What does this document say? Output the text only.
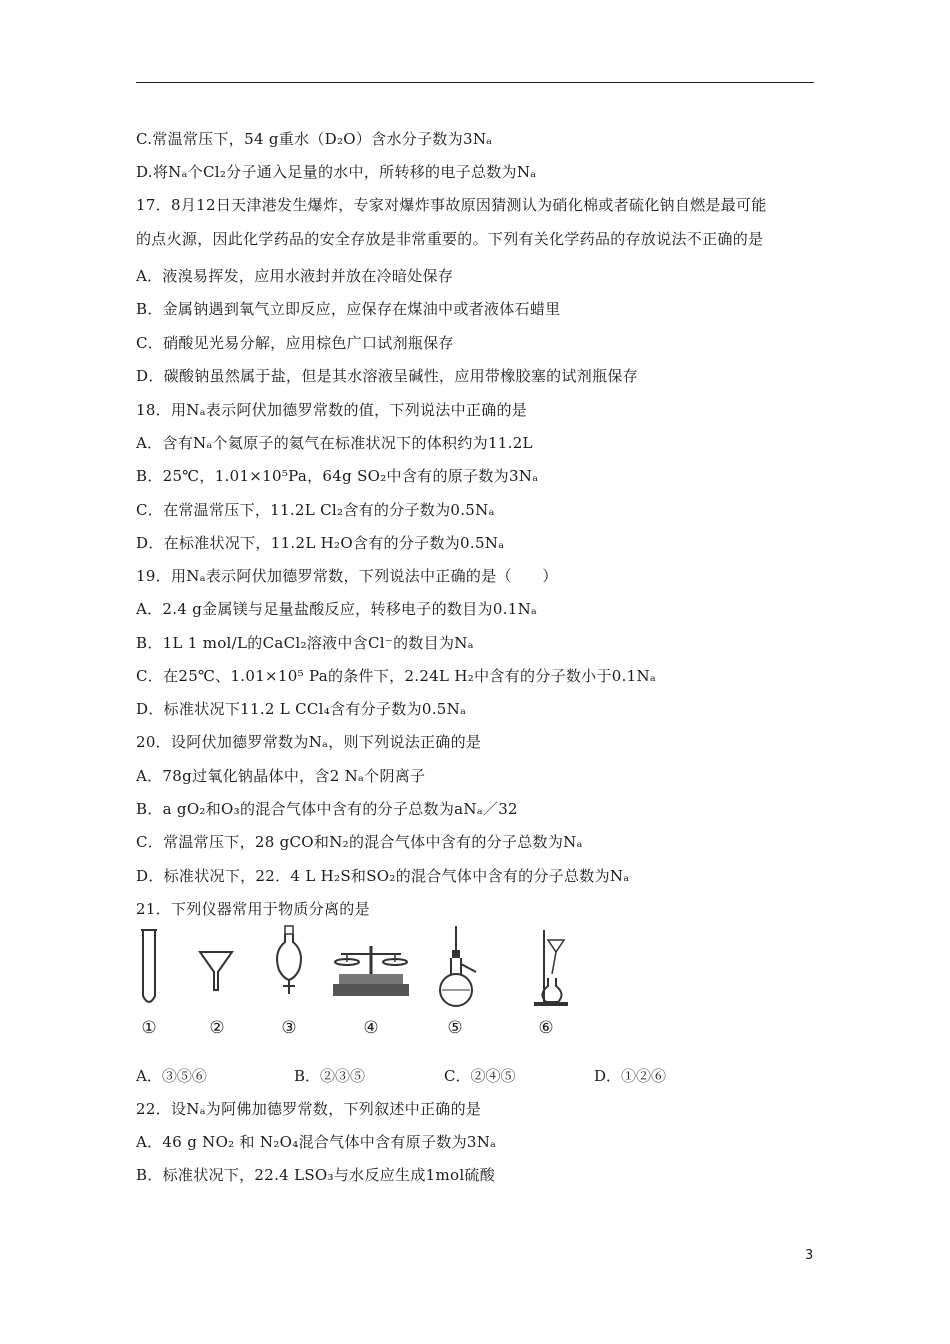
C.常温常压下，54 g重水（D₂O）含水分子数为3Nₐ
D.将Nₐ个Cl₂分子通入足量的水中，所转移的电子总数为Nₐ
17．8月12日天津港发生爆炸，专家对爆炸事故原因猜测认为硝化棉或者硫化钠自燃是最可能
的点火源，因此化学药品的安全存放是非常重要的。下列有关化学药品的存放说法不正确的是
A．液溴易挥发，应用水液封并放在冷暗处保存
B．金属钠遇到氧气立即反应，应保存在煤油中或者液体石蜡里
C．硝酸见光易分解，应用棕色广口试剂瓶保存
D．碳酸钠虽然属于盐，但是其水溶液呈碱性，应用带橡胶塞的试剂瓶保存
18．用Nₐ表示阿伏加德罗常数的值，下列说法中正确的是
A．含有Nₐ个氦原子的氦气在标准状况下的体积约为11.2L
B．25℃，1.01×10⁵Pa，64g SO₂中含有的原子数为3Nₐ
C．在常温常压下，11.2L Cl₂含有的分子数为0.5Nₐ
D．在标准状况下，11.2L H₂O含有的分子数为0.5Nₐ
19．用Nₐ表示阿伏加德罗常数，下列说法中正确的是（　　）
A．2.4 g金属镁与足量盐酸反应，转移电子的数目为0.1Nₐ
B．1L 1 mol/L的CaCl₂溶液中含Cl⁻的数目为Nₐ
C．在25℃、1.01×10⁵ Pa的条件下，2.24L H₂中含有的分子数小于0.1Nₐ
D．标准状况下11.2 L CCl₄含有分子数为0.5Nₐ
20．设阿伏加德罗常数为Nₐ，则下列说法正确的是
A．78g过氧化钠晶体中，含2 Nₐ个阴离子
B．a gO₂和O₃的混合气体中含有的分子总数为aNₐ／32
C．常温常压下，28 gCO和N₂的混合气体中含有的分子总数为Nₐ
D．标准状况下，22．4 L H₂S和SO₂的混合气体中含有的分子总数为Nₐ
21．下列仪器常用于物质分离的是
①	②	③	④	⑤	⑥
A．③⑤⑥	B．②③⑤	C．②④⑤	D．①②⑥
22．设Nₐ为阿佛加德罗常数，下列叙述中正确的是
A．46 g NO₂ 和 N₂O₄混合气体中含有原子数为3Nₐ
B．标准状况下，22.4 LSO₃与水反应生成1mol硫酸
3
